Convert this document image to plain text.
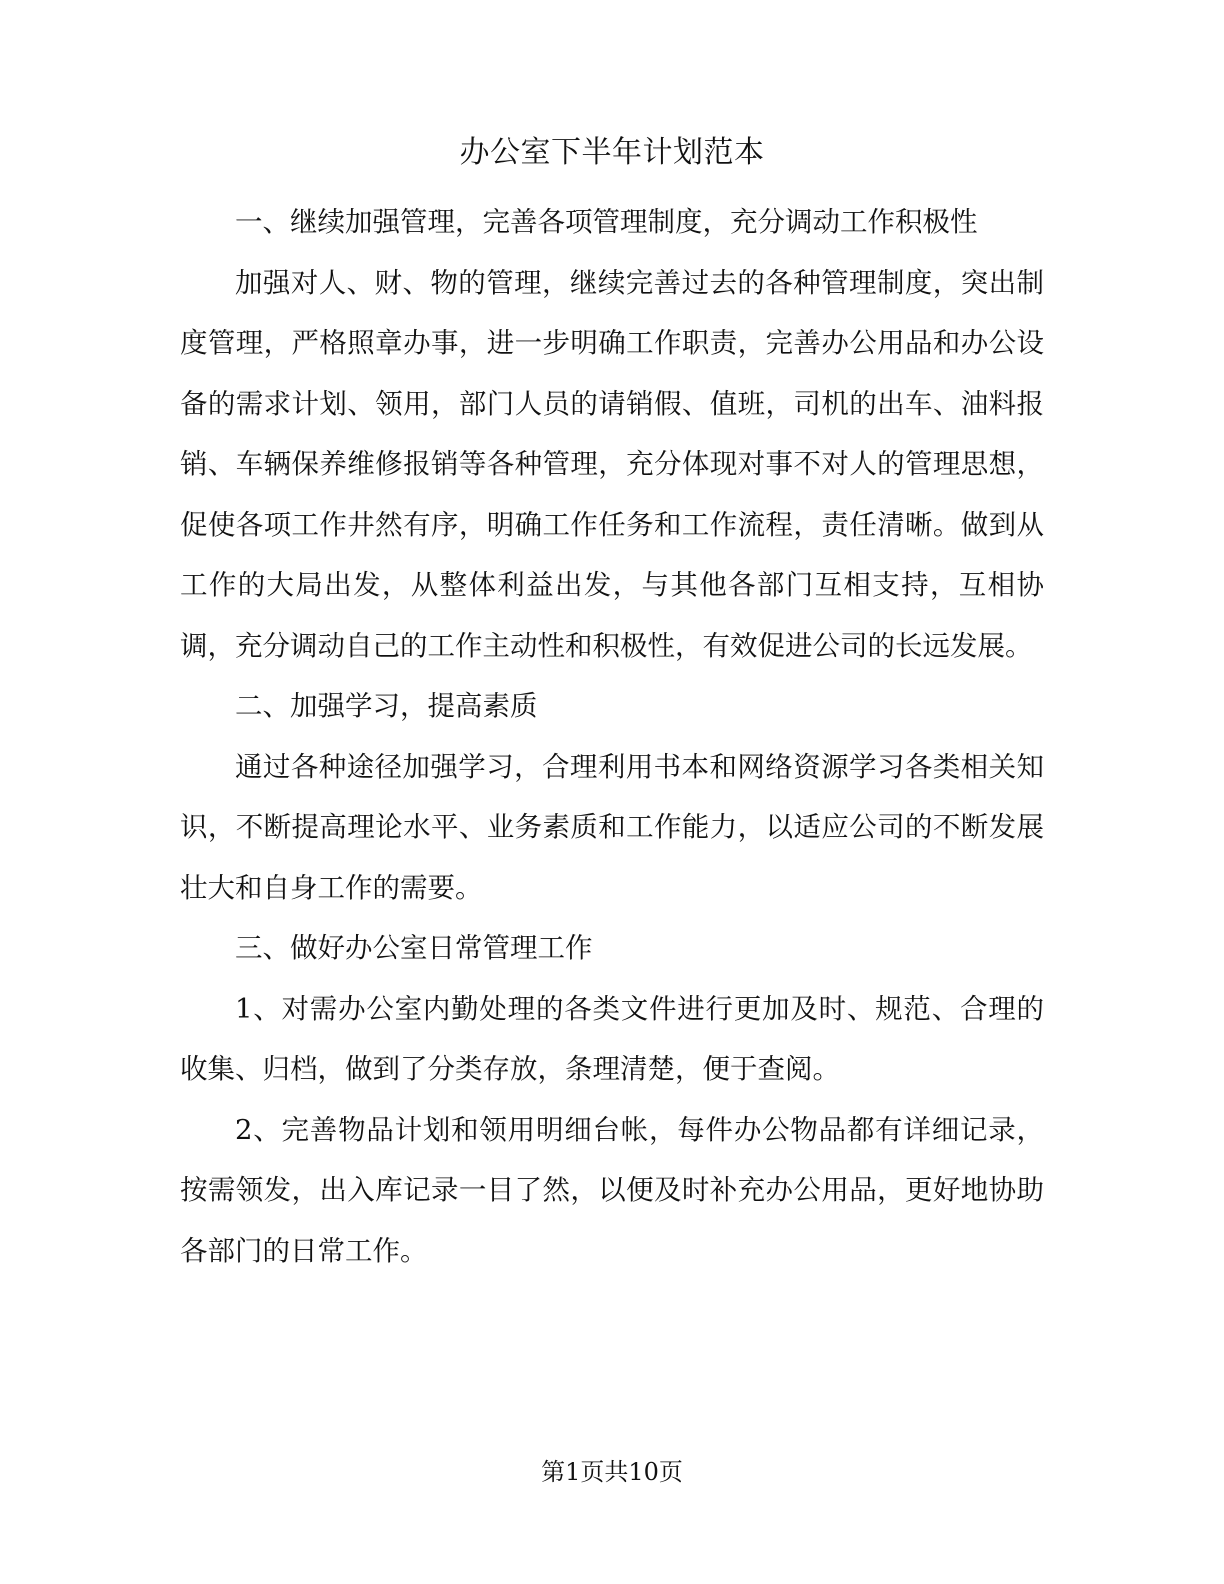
办公室下半年计划范本

一、继续加强管理，完善各项管理制度，充分调动工作积极性

加强对人、财、物的管理，继续完善过去的各种管理制度，突出制度管理，严格照章办事，进一步明确工作职责，完善办公用品和办公设备的需求计划、领用，部门人员的请销假、值班，司机的出车、油料报销、车辆保养维修报销等各种管理，充分体现对事不对人的管理思想，促使各项工作井然有序，明确工作任务和工作流程，责任清晰。做到从工作的大局出发，从整体利益出发，与其他各部门互相支持，互相协调，充分调动自己的工作主动性和积极性，有效促进公司的长远发展。

二、加强学习，提高素质

通过各种途径加强学习，合理利用书本和网络资源学习各类相关知识，不断提高理论水平、业务素质和工作能力，以适应公司的不断发展壮大和自身工作的需要。

三、做好办公室日常管理工作

1、对需办公室内勤处理的各类文件进行更加及时、规范、合理的收集、归档，做到了分类存放，条理清楚，便于查阅。

2、完善物品计划和领用明细台帐，每件办公物品都有详细记录，按需领发，出入库记录一目了然，以便及时补充办公用品，更好地协助各部门的日常工作。

第1页共10页
